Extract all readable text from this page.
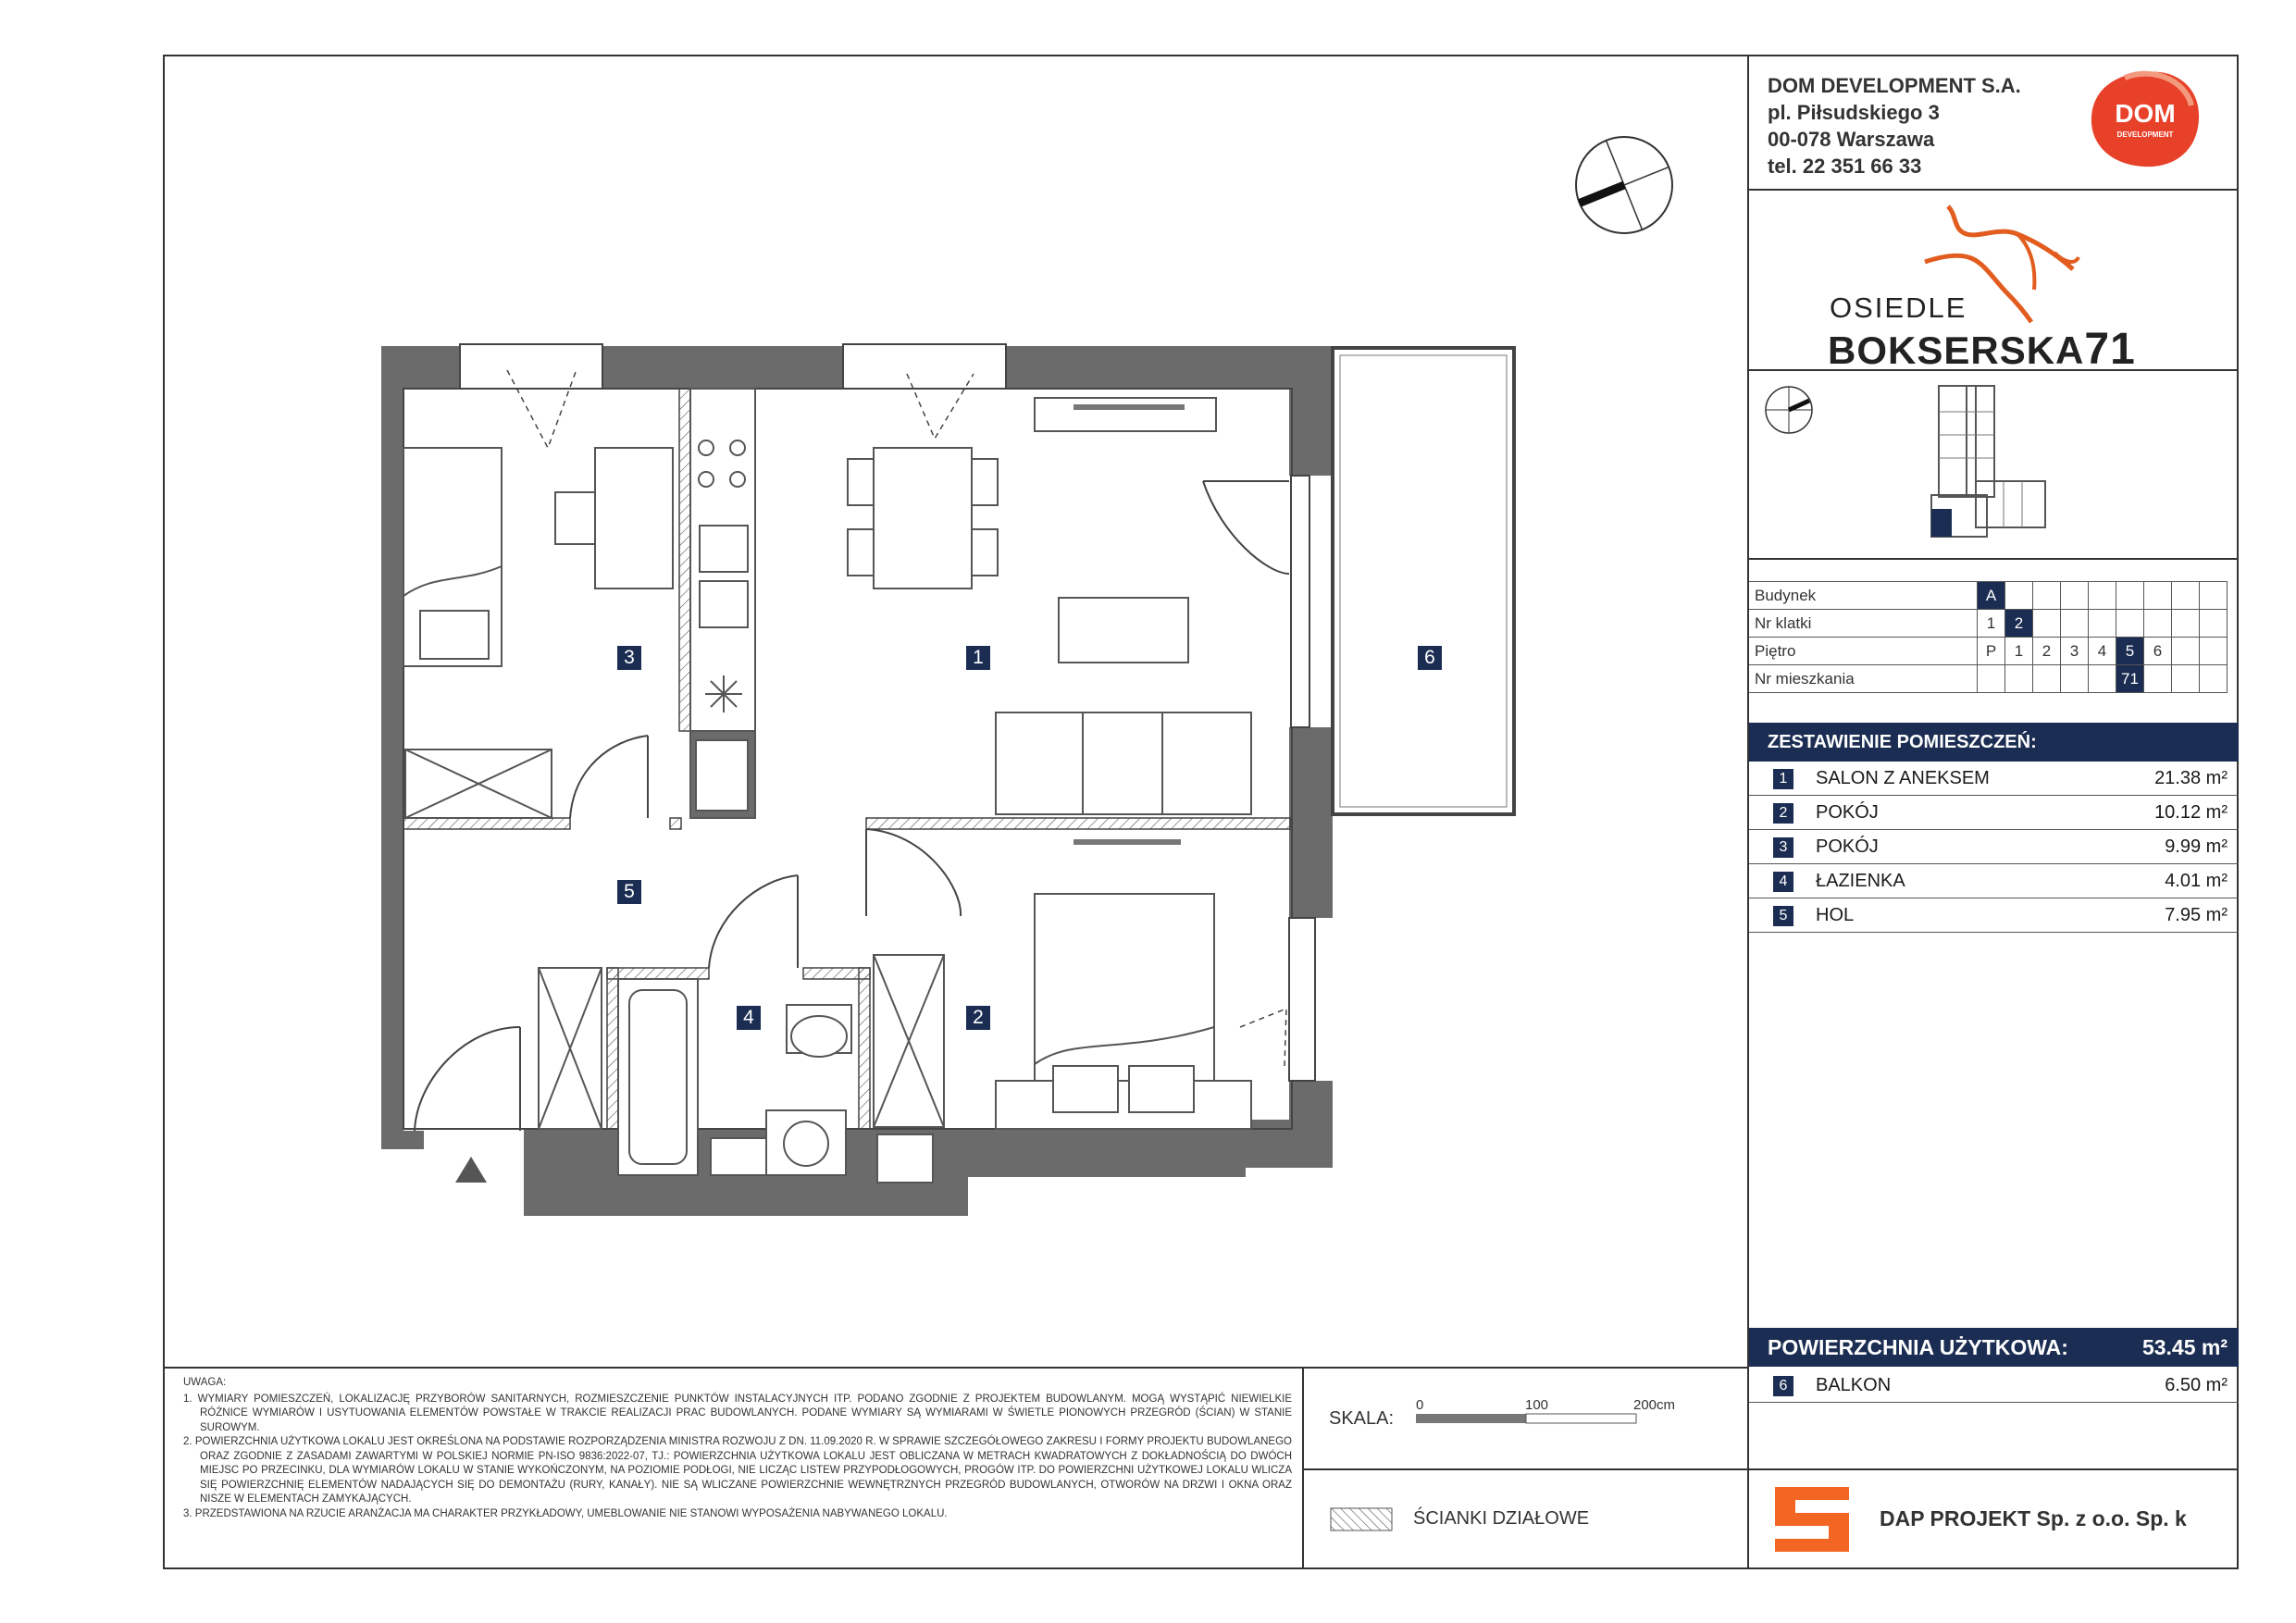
DOM DEVELOPMENT S.A.
pl. Piłsudskiego 3
00-078 Warszawa
tel. 22 351 66 33
DOM
DEVELOPMENT
OSIEDLE
BOKSERSKA71
Budynek	A								
Nr klatki	1	2							
Piętro	P	1	2	3	4	5	6		
Nr mieszkania						71			
ZESTAWIENIE POMIESZCZEŃ:
1	SALON Z ANEKSEM	21.38 m²
2	POKÓJ	10.12 m²
3	POKÓJ	9.99 m²
4	ŁAZIENKA	4.01 m²
5	HOL	7.95 m²
POWIERZCHNIA UŻYTKOWA:	53.45 m²
6	BALKON	6.50 m²
UWAGA:

1. WYMIARY POMIESZCZEŃ, LOKALIZACJĘ PRZYBORÓW SANITARNYCH, ROZMIESZCZENIE PUNKTÓW INSTALACYJNYCH ITP. PODANO ZGODNIE Z PROJEKTEM BUDOWLANYM. MOGĄ WYSTĄPIĆ NIEWIELKIE RÓŻNICE WYMIARÓW I USYTUOWANIA ELEMENTÓW POWSTAŁE W TRAKCIE REALIZACJI PRAC BUDOWLANYCH. PODANE WYMIARY SĄ WYMIARAMI W ŚWIETLE PIONOWYCH PRZEGRÓD (ŚCIAN) W STANIE SUROWYM.

2. POWIERZCHNIA UŻYTKOWA LOKALU JEST OKREŚLONA NA PODSTAWIE ROZPORZĄDZENIA MINISTRA ROZWOJU Z DN. 11.09.2020 R. W SPRAWIE SZCZEGÓŁOWEGO ZAKRESU I FORMY PROJEKTU BUDOWLANEGO ORAZ ZGODNIE Z ZASADAMI ZAWARTYMI W POLSKIEJ NORMIE PN-ISO 9836:2022-07, TJ.: POWIERZCHNIA UŻYTKOWA LOKALU JEST OBLICZANA W METRACH KWADRATOWYCH Z DOKŁADNOŚCIĄ DO DWÓCH MIEJSC PO PRZECINKU, DLA WYMIARÓW LOKALU W STANIE WYKOŃCZONYM, NA POZIOMIE PODŁOGI, NIE LICZĄC LISTEW PRZYPODŁOGOWYCH, PROGÓW ITP. DO POWIERZCHNI UŻYTKOWEJ LOKALU WLICZA SIĘ POWIERZCHNIĘ ELEMENTÓW NADAJĄCYCH SIĘ DO DEMONTAŻU (RURY, KANAŁY). NIE SĄ WLICZANE POWIERZCHNIE WEWNĘTRZNYCH PRZEGRÓD BUDOWLANYCH, OTWORÓW NA DRZWI I OKNA ORAZ NISZE W ELEMENTACH ZAMYKAJĄCYCH.

3. PRZEDSTAWIONA NA RZUCIE ARANŻACJA MA CHARAKTER PRZYKŁADOWY, UMEBLOWANIE NIE STANOWI WYPOSAŻENIA NABYWANEGO LOKALU.

SKALA:
0	100	200cm
ŚCIANKI DZIAŁOWE	DAP PROJEKT Sp. z o.o. Sp. k
1
2
3
4
5
6
